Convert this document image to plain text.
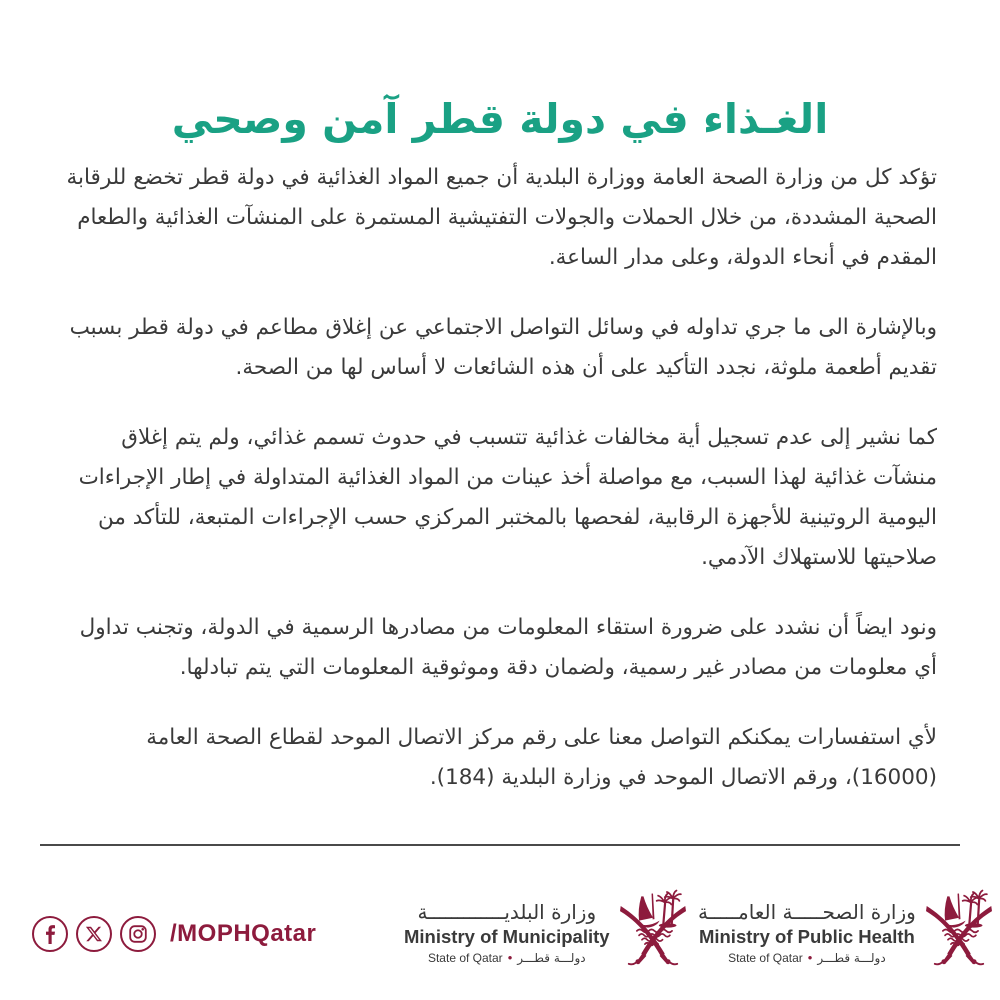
الغـذاء في دولة قطر آمن وصحي

تؤكد كل من وزارة الصحة العامة ووزارة البلدية أن جميع المواد الغذائية في دولة قطر تخضع للرقابة الصحية المشددة، من خلال الحملات والجولات التفتيشية المستمرة على المنشآت الغذائية والطعام المقدم في أنحاء الدولة، وعلى مدار الساعة.

وبالإشارة الى ما جري تداوله في وسائل التواصل الاجتماعي عن إغلاق مطاعم في دولة قطر بسبب تقديم أطعمة ملوثة، نجدد التأكيد على أن هذه الشائعات لا أساس لها من الصحة.

كما نشير إلى عدم تسجيل أية مخالفات غذائية تتسبب في حدوث تسمم غذائي، ولم يتم إغلاق منشآت غذائية لهذا السبب، مع مواصلة أخذ عينات من المواد الغذائية المتداولة في إطار الإجراءات اليومية الروتينية للأجهزة الرقابية، لفحصها بالمختبر المركزي حسب الإجراءات المتبعة، للتأكد من صلاحيتها للاستهلاك الآدمي.

ونود ايضاً أن نشدد على ضرورة استقاء المعلومات من مصادرها الرسمية في الدولة، وتجنب تداول أي معلومات من مصادر غير رسمية، ولضمان دقة وموثوقية المعلومات التي يتم تبادلها.

لأي استفسارات يمكنكم التواصل معنا على رقم مركز الاتصال الموحد لقطاع الصحة العامة (16000)، ورقم الاتصال الموحد في وزارة البلدية (184).

/MOPHQatar
وزارة البلديـــــــــــــة
Ministry of Municipality
State of Qatar • دولـــة قطـــر
وزارة الصحـــــة العامـــــة
Ministry of Public Health
State of Qatar • دولـــة قطـــر
